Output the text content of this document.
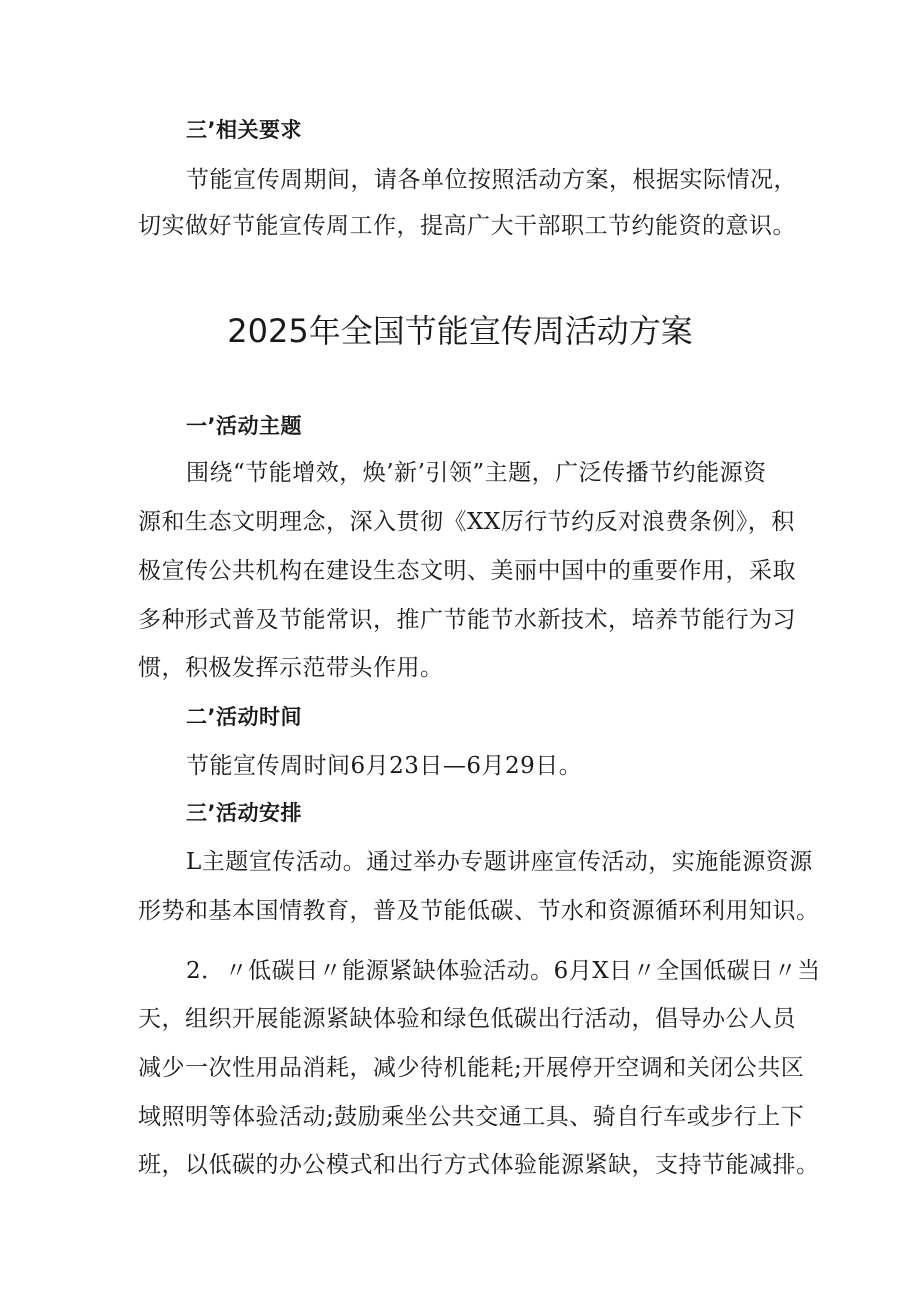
三’相关要求
节能宣传周期间，请各单位按照活动方案，根据实际情况，
切实做好节能宣传周工作，提高广大干部职工节约能资的意识。
2025年全国节能宣传周活动方案
一’活动主题
围绕“节能增效，焕’新’引领”主题，广泛传播节约能源资
源和生态文明理念，深入贯彻《XX厉行节约反对浪费条例》，积
极宣传公共机构在建设生态文明、美丽中国中的重要作用，采取
多种形式普及节能常识，推广节能节水新技术，培养节能行为习
惯，积极发挥示范带头作用。
二’活动时间
节能宣传周时间6月23日—6月29日。
三’活动安排
L主题宣传活动。通过举办专题讲座宣传活动，实施能源资源
形势和基本国情教育，普及节能低碳、节水和资源循环利用知识。
2．〃低碳日〃能源紧缺体验活动。6月X日〃全国低碳日〃当
天，组织开展能源紧缺体验和绿色低碳出行活动，倡导办公人员
减少一次性用品消耗，减少待机能耗;开展停开空调和关闭公共区
域照明等体验活动;鼓励乘坐公共交通工具、骑自行车或步行上下
班，以低碳的办公模式和出行方式体验能源紧缺，支持节能减排。
